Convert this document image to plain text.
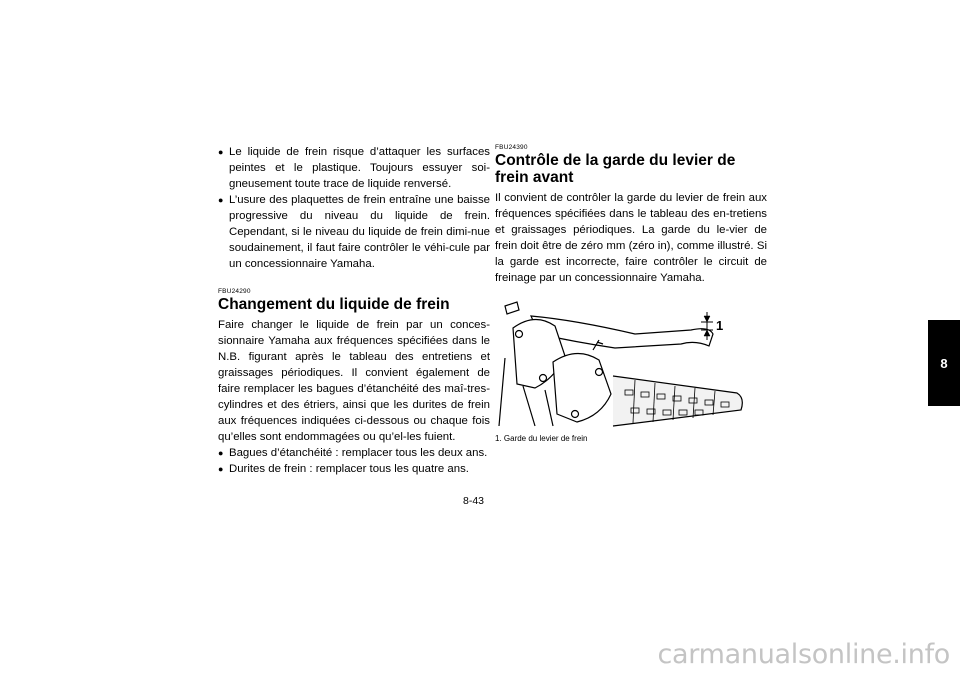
● Le liquide de frein risque d’attaquer les surfaces peintes et le plastique. Toujours essuyer soi-gneusement toute trace de liquide renversé.
● L’usure des plaquettes de frein entraîne une baisse progressive du niveau du liquide de frein. Cependant, si le niveau du liquide de frein dimi-nue soudainement, il faut faire contrôler le véhi-cule par un concessionnaire Yamaha.

FBU24290

Changement du liquide de frein

Faire changer le liquide de frein par un conces-sionnaire Yamaha aux fréquences spécifiées dans le N.B. figurant après le tableau des entretiens et graissages périodiques. Il convient également de faire remplacer les bagues d’étanchéité des maî-tres-cylindres et des étriers, ainsi que les durites de frein aux fréquences indiquées ci-dessous ou chaque fois qu’elles sont endommagées ou qu’el-les fuient.

● Bagues d’étanchéité : remplacer tous les deux ans.
● Durites de frein : remplacer tous les quatre ans.

FBU24390

Contrôle de la garde du levier de frein avant

Il convient de contrôler la garde du levier de frein aux fréquences spécifiées dans le tableau des en-tretiens et graissages périodiques. La garde du le-vier de frein doit être de zéro mm (zéro in), comme illustré. Si la garde est incorrecte, faire contrôler le circuit de freinage par un concessionnaire Yamaha.

1
1. Garde du levier de frein
8
8-43
carmanualsonline.info
